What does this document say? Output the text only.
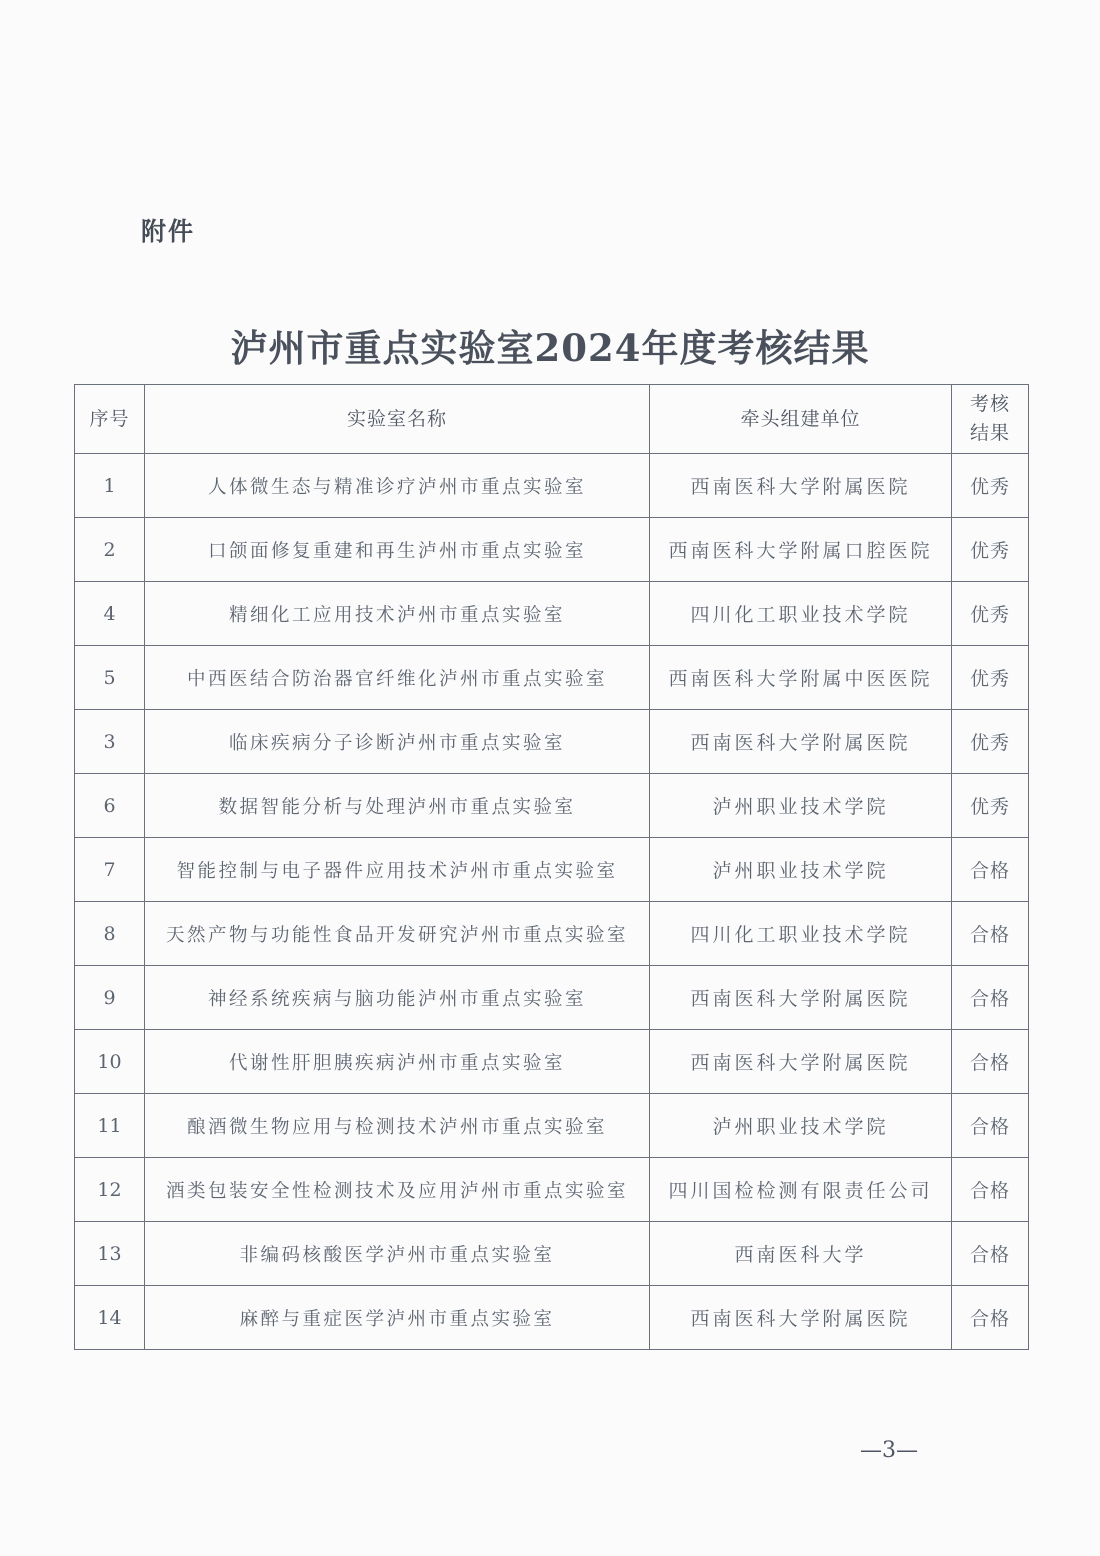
附件
泸州市重点实验室2024年度考核结果
序号	实验室名称	牵头组建单位	考核
结果

1	人体微生态与精准诊疗泸州市重点实验室	西南医科大学附属医院	优秀
2	口颌面修复重建和再生泸州市重点实验室	西南医科大学附属口腔医院	优秀
4	精细化工应用技术泸州市重点实验室	四川化工职业技术学院	优秀
5	中西医结合防治器官纤维化泸州市重点实验室	西南医科大学附属中医医院	优秀
3	临床疾病分子诊断泸州市重点实验室	西南医科大学附属医院	优秀
6	数据智能分析与处理泸州市重点实验室	泸州职业技术学院	优秀
7	智能控制与电子器件应用技术泸州市重点实验室	泸州职业技术学院	合格
8	天然产物与功能性食品开发研究泸州市重点实验室	四川化工职业技术学院	合格
9	神经系统疾病与脑功能泸州市重点实验室	西南医科大学附属医院	合格
10	代谢性肝胆胰疾病泸州市重点实验室	西南医科大学附属医院	合格
11	酿酒微生物应用与检测技术泸州市重点实验室	泸州职业技术学院	合格
12	酒类包装安全性检测技术及应用泸州市重点实验室	四川国检检测有限责任公司	合格
13	非编码核酸医学泸州市重点实验室	西南医科大学	合格
14	麻醉与重症医学泸州市重点实验室	西南医科大学附属医院	合格
—3—
